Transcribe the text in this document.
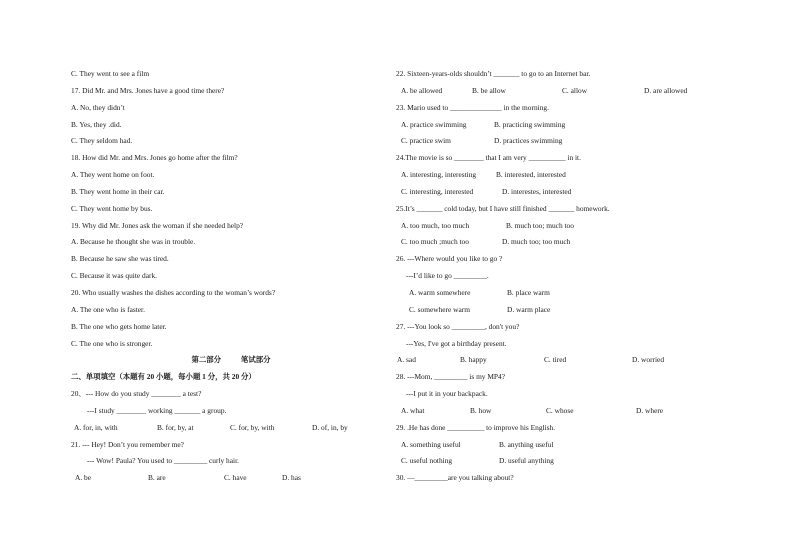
C. They went to see a film
17. Did Mr. and Mrs. Jones have a good time there?
A. No, they didn’t
B. Yes, they .did.
C. They seldom had.
18. How did Mr. and Mrs. Jones go home after the film?
A. They went home on foot.
B. They went home in their car.
C. They went home by bus.
19. Why did Mr. Jones ask the woman if she needed help?
A. Because he thought she was in trouble.
B. Because he saw she was tired.
C. Because it was quite dark.
20. Who usually washes the dishes according to the woman’s words?
A. The one who is faster.
B. The one who gets home later.
C. The one who is stronger.
第二部分	笔试部分
二、单项填空（本题有 20 小题，每小题 1 分，共 20 分）
20、--- How do you study ________ a test?
---I study ________ working _______ a group.
A. for, in, with	B. for, by, at	C. for, by, with	D. of, in, by
21. --- Hey! Don’t you remember me?
--- Wow! Paula? You used to _________ curly hair.
A. be	B. are	C. have	D. has
22. Sixteen-years-olds shouldn’t _______ to go to an Internet bar.
A. be allowed	B. be allow	C. allow	D. are allowed
23. Mario used to ______________ in the morning.
A. practice swimming	B. practicing swimming
C. practice swim	D. practices swimming
24.The movie is so ________ that I am very __________ in it.
A. interesting, interesting	B. interested, interested
C. interesting, interested	D. interestes, interested
25.It’s _______ cold today, but I have still finished _______ homework.
A. too much, too much	B. much too; much too
C. too much ;much too	D. much too; too much
26. ---Where would you like to go ?
---I’d like to go _________.
A. warm somewhere	B. place warm
C. somewhere warm	D. warm place
27. ---You look so _________, don't you?
---Yes, I've got a birthday present.
A. sad	B. happy	C. tired	D. worried
28. ---Mom, _________ is my MP4?
---I put it in your backpack.
A. what	B. how	C. whose	D. where
29. .He has done __________ to improve his English.
A. something useful	B. anything useful
C. useful nothing	D. useful anything
30. —_________are you talking about?
